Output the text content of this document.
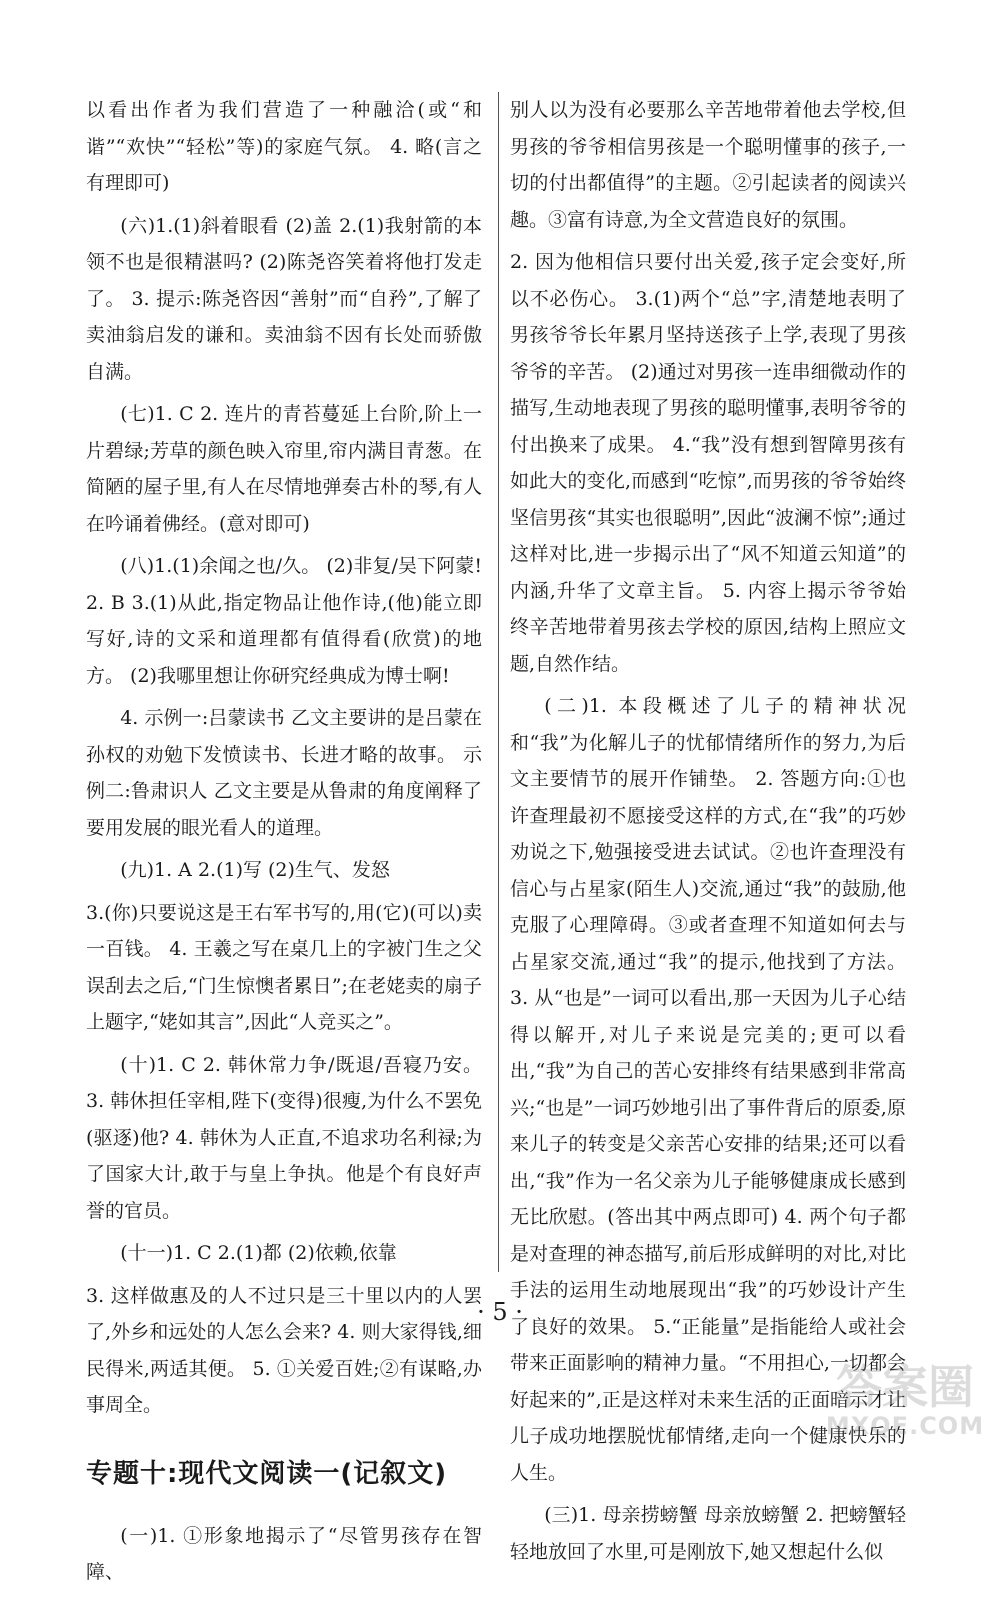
以看出作者为我们营造了一种融洽(或“和谐”“欢快”“轻松”等)的家庭气氛。 4. 略(言之有理即可)

(六)1.(1)斜着眼看 (2)盖 2.(1)我射箭的本领不也是很精湛吗? (2)陈尧咨笑着将他打发走了。 3. 提示:陈尧咨因“善射”而“自矜”,了解了卖油翁启发的谦和。卖油翁不因有长处而骄傲自满。

(七)1. C 2. 连片的青苔蔓延上台阶,阶上一片碧绿;芳草的颜色映入帘里,帘内满目青葱。在简陋的屋子里,有人在尽情地弹奏古朴的琴,有人在吟诵着佛经。(意对即可)

(八)1.(1)余闻之也/久。 (2)非复/吴下阿蒙! 2. B 3.(1)从此,指定物品让他作诗,(他)能立即写好,诗的文采和道理都有值得看(欣赏)的地方。 (2)我哪里想让你研究经典成为博士啊!

4. 示例一:吕蒙读书 乙文主要讲的是吕蒙在孙权的劝勉下发愤读书、长进才略的故事。 示例二:鲁肃识人 乙文主要是从鲁肃的角度阐释了要用发展的眼光看人的道理。

(九)1. A 2.(1)写 (2)生气、发怒

3.(你)只要说这是王右军书写的,用(它)(可以)卖一百钱。 4. 王羲之写在桌几上的字被门生之父误刮去之后,“门生惊懊者累日”;在老姥卖的扇子上题字,“姥如其言”,因此“人竞买之”。

(十)1. C 2. 韩休常力争/既退/吾寝乃安。 3. 韩休担任宰相,陛下(变得)很瘦,为什么不罢免(驱逐)他? 4. 韩休为人正直,不追求功名利禄;为了国家大计,敢于与皇上争执。他是个有良好声誉的官员。

(十一)1. C 2.(1)都 (2)依赖,依靠

3. 这样做惠及的人不过只是三十里以内的人罢了,外乡和远处的人怎么会来? 4. 则大家得钱,细民得米,两适其便。 5. ①关爱百姓;②有谋略,办事周全。

专题十:现代文阅读一(记叙文)

(一)1. ①形象地揭示了“尽管男孩存在智障、

别人以为没有必要那么辛苦地带着他去学校,但男孩的爷爷相信男孩是一个聪明懂事的孩子,一切的付出都值得”的主题。②引起读者的阅读兴趣。③富有诗意,为全文营造良好的氛围。

2. 因为他相信只要付出关爱,孩子定会变好,所以不必伤心。 3.(1)两个“总”字,清楚地表明了男孩爷爷长年累月坚持送孩子上学,表现了男孩爷爷的辛苦。 (2)通过对男孩一连串细微动作的描写,生动地表现了男孩的聪明懂事,表明爷爷的付出换来了成果。 4.“我”没有想到智障男孩有如此大的变化,而感到“吃惊”,而男孩的爷爷始终坚信男孩“其实也很聪明”,因此“波澜不惊”;通过这样对比,进一步揭示出了“风不知道云知道”的内涵,升华了文章主旨。 5. 内容上揭示爷爷始终辛苦地带着男孩去学校的原因,结构上照应文题,自然作结。

(二)1. 本段概述了儿子的精神状况和“我”为化解儿子的忧郁情绪所作的努力,为后文主要情节的展开作铺垫。 2. 答题方向:①也许查理最初不愿接受这样的方式,在“我”的巧妙劝说之下,勉强接受进去试试。②也许查理没有信心与占星家(陌生人)交流,通过“我”的鼓励,他克服了心理障碍。③或者查理不知道如何去与占星家交流,通过“我”的提示,他找到了方法。 3. 从“也是”一词可以看出,那一天因为儿子心结得以解开,对儿子来说是完美的;更可以看出,“我”为自己的苦心安排终有结果感到非常高兴;“也是”一词巧妙地引出了事件背后的原委,原来儿子的转变是父亲苦心安排的结果;还可以看出,“我”作为一名父亲为儿子能够健康成长感到无比欣慰。(答出其中两点即可) 4. 两个句子都是对查理的神态描写,前后形成鲜明的对比,对比手法的运用生动地展现出“我”的巧妙设计产生了良好的效果。 5.“正能量”是指能给人或社会带来正面影响的精神力量。“不用担心,一切都会好起来的”,正是这样对未来生活的正面暗示才让儿子成功地摆脱忧郁情绪,走向一个健康快乐的人生。

(三)1. 母亲捞螃蟹 母亲放螃蟹 2. 把螃蟹轻轻地放回了水里,可是刚放下,她又想起什么似

· 5 ·
答案圈
MXQE.COM
